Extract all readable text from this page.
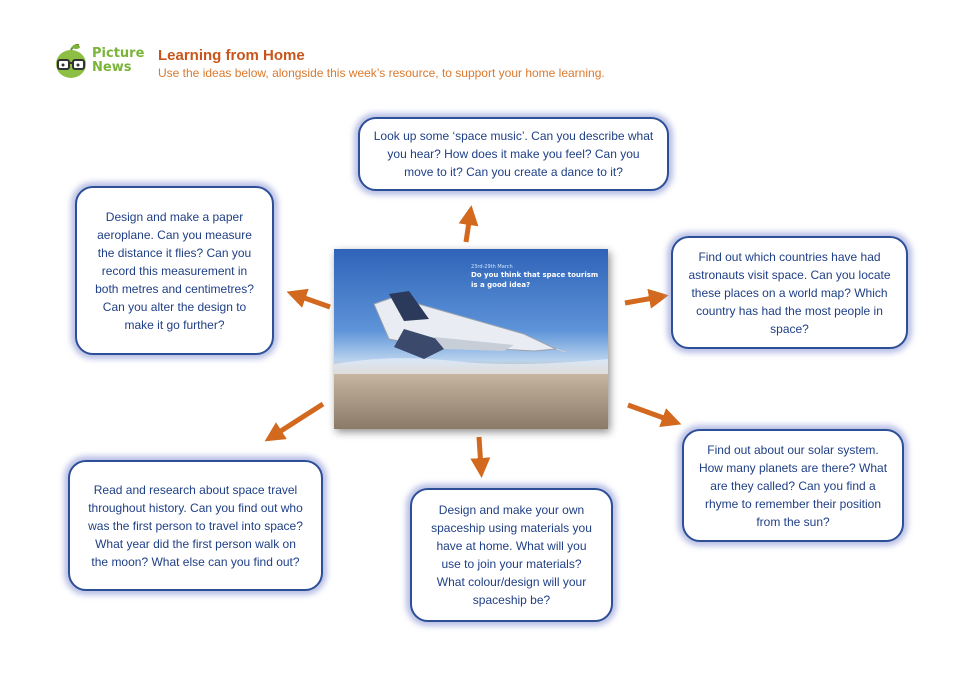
Picture
News
Learning from Home
Use the ideas below, alongside this week’s resource, to support your home learning.
23rd-29th March
Do you think that space tourism is a good idea?
Look up some ‘space music’. Can you describe what you hear? How does it make you feel? Can you move to it? Can you create a dance to it?
Design and make a paper aeroplane. Can you measure the distance it flies? Can you record this measurement in both metres and centimetres? Can you alter the design to make it go further?
Find out which countries have had astronauts visit space. Can you locate these places on a world map? Which country has had the most people in space?
Read and research about space travel throughout history. Can you find out who was the first person to travel into space? What year did the first person walk on the moon? What else can you find out?
Design and make your own spaceship using materials you have at home. What will you use to join your materials? What colour/design will your spaceship be?
Find out about our solar system. How many planets are there? What are they called? Can you find a rhyme to remember their position from the sun?
